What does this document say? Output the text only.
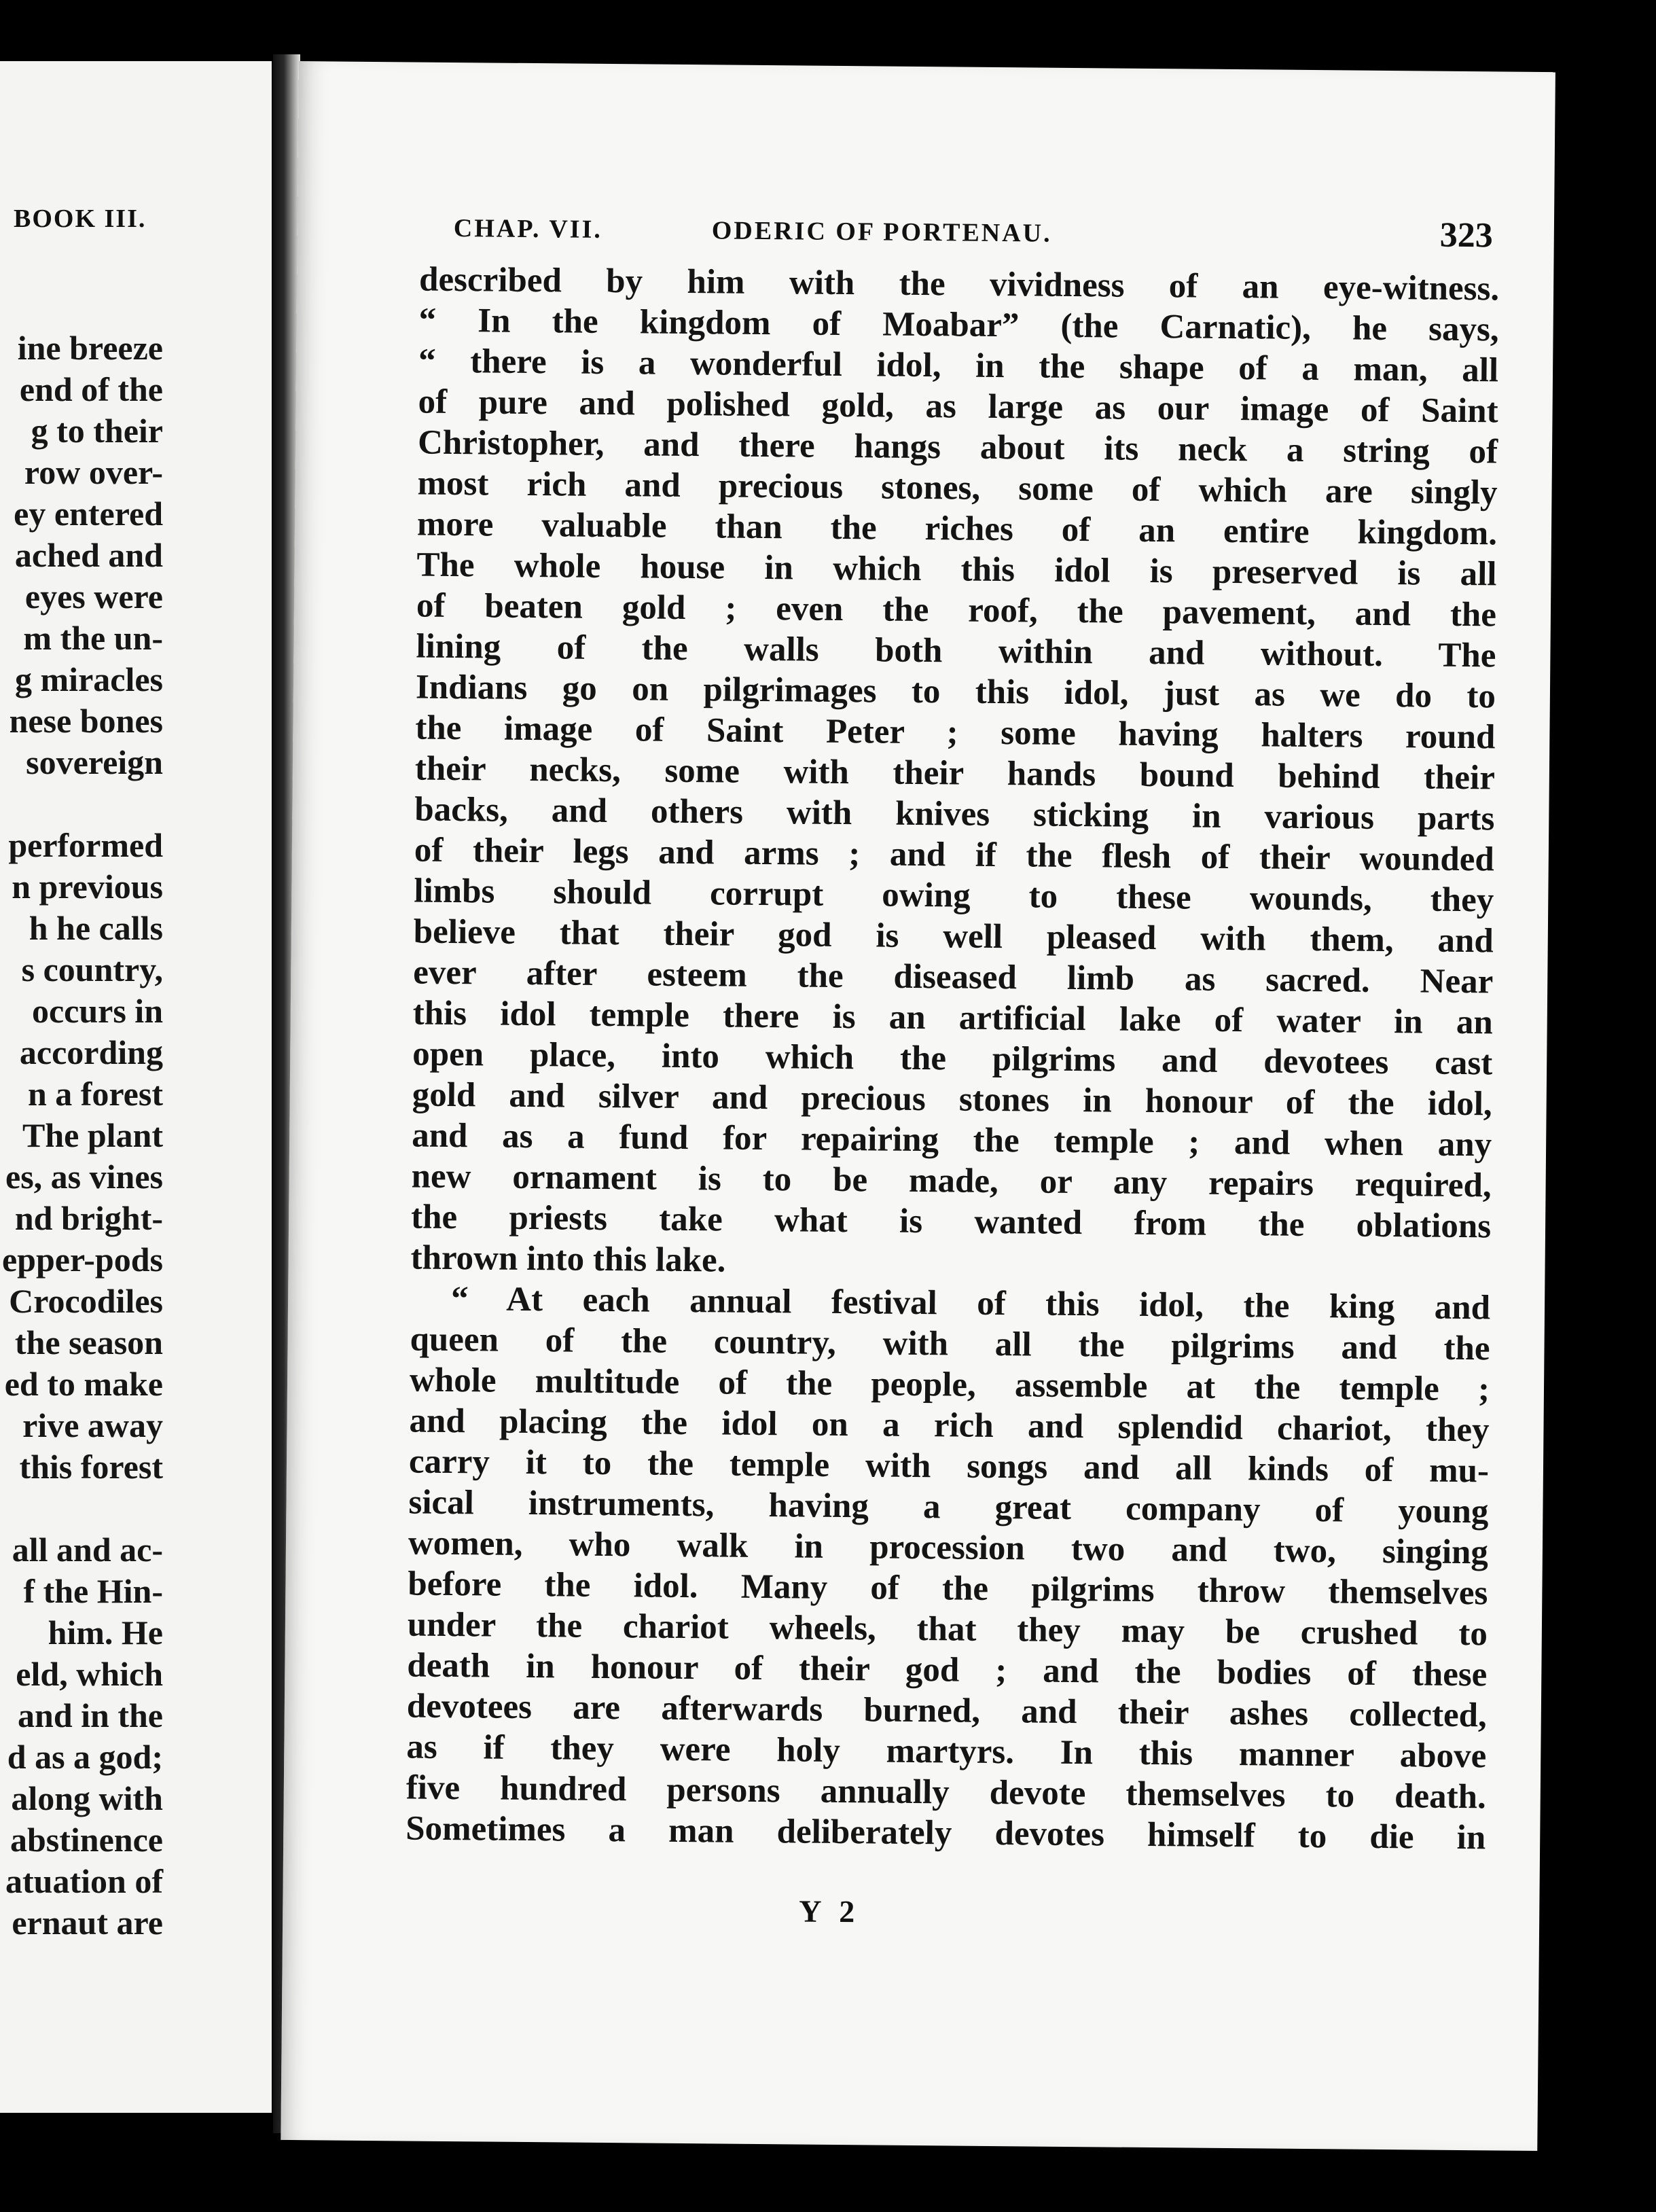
BOOK III.
ine breeze
end of the
g to their
row over-
ey entered
ached and
eyes were
m the un-
g miracles
nese bones
sovereign
performed
n previous
h he calls
s country,
occurs in
according
n a forest
The plant
es, as vines
nd bright-
epper-pods
Crocodiles
the season
ed to make
rive away
this forest
all and ac-
f the Hin-
him. He
eld, which
and in the
d as a god;
along with
abstinence
atuation of
ernaut are
CHAP. VII.	ODERIC OF PORTENAU.	323
described by him with the vividness of an eye-witness.
“ In the kingdom of Moabar” (the Carnatic), he says,
“ there is a wonderful idol, in the shape of a man, all
of pure and polished gold, as large as our image of Saint
Christopher, and there hangs about its neck a string of
most rich and precious stones, some of which are singly
more valuable than the riches of an entire kingdom.
The whole house in which this idol is preserved is all
of beaten gold ; even the roof, the pavement, and the
lining of the walls both within and without. The
Indians go on pilgrimages to this idol, just as we do to
the image of Saint Peter ; some having halters round
their necks, some with their hands bound behind their
backs, and others with knives sticking in various parts
of their legs and arms ; and if the flesh of their wounded
limbs should corrupt owing to these wounds, they
believe that their god is well pleased with them, and
ever after esteem the diseased limb as sacred. Near
this idol temple there is an artificial lake of water in an
open place, into which the pilgrims and devotees cast
gold and silver and precious stones in honour of the idol,
and as a fund for repairing the temple ; and when any
new ornament is to be made, or any repairs required,
the priests take what is wanted from the oblations
thrown into this lake.
“ At each annual festival of this idol, the king and
queen of the country, with all the pilgrims and the
whole multitude of the people, assemble at the temple ;
and placing the idol on a rich and splendid chariot, they
carry it to the temple with songs and all kinds of mu-
sical instruments, having a great company of young
women, who walk in procession two and two, singing
before the idol. Many of the pilgrims throw themselves
under the chariot wheels, that they may be crushed to
death in honour of their god ; and the bodies of these
devotees are afterwards burned, and their ashes collected,
as if they were holy martyrs. In this manner above
five hundred persons annually devote themselves to death.
Sometimes a man deliberately devotes himself to die in
Y 2
